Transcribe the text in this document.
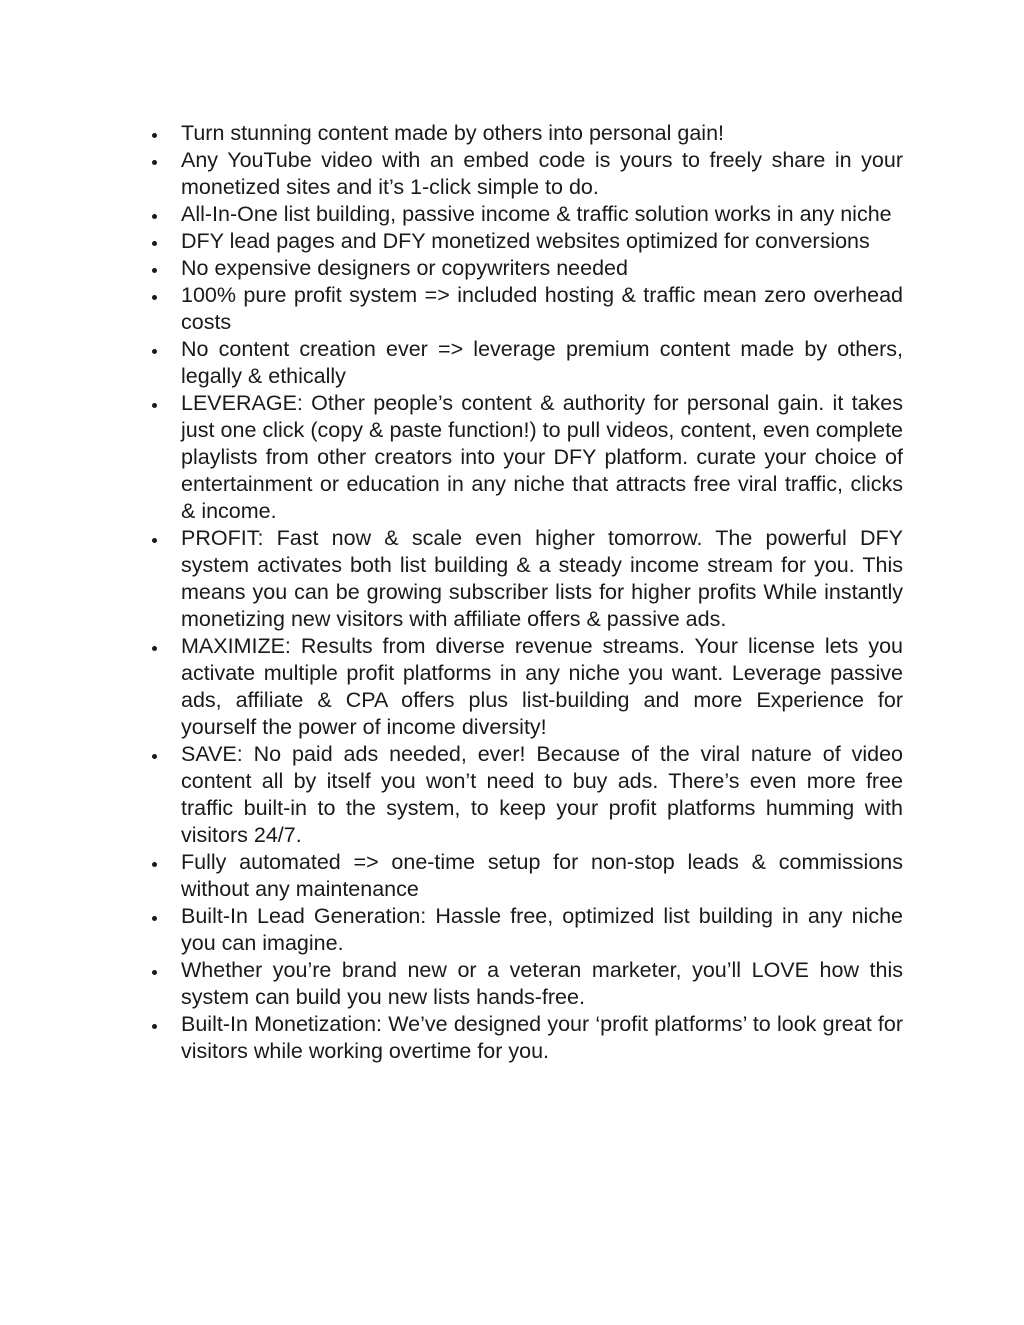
Turn stunning content made by others into personal gain!
Any YouTube video with an embed code is yours to freely share in your monetized sites and it’s 1-click simple to do.
All-In-One list building, passive income & traffic solution works in any niche
DFY lead pages and DFY monetized websites optimized for conversions
No expensive designers or copywriters needed
100% pure profit system => included hosting & traffic mean zero overhead costs
No content creation ever => leverage premium content made by others, legally & ethically
LEVERAGE: Other people’s content & authority for personal gain. it takes just one click (copy & paste function!) to pull videos, content, even complete playlists from other creators into your DFY platform. curate your choice of entertainment or education in any niche that attracts free viral traffic, clicks & income.
PROFIT: Fast now & scale even higher tomorrow. The powerful DFY system activates both list building & a steady income stream for you. This means you can be growing subscriber lists for higher profits While instantly monetizing new visitors with affiliate offers & passive ads.
MAXIMIZE: Results from diverse revenue streams. Your license lets you activate multiple profit platforms in any niche you want. Leverage passive ads, affiliate & CPA offers plus list-building and more Experience for yourself the power of income diversity!
SAVE: No paid ads needed, ever! Because of the viral nature of video content all by itself you won’t need to buy ads. There’s even more free traffic built-in to the system, to keep your profit platforms humming with visitors 24/7.
Fully automated => one-time setup for non-stop leads & commissions without any maintenance
Built-In Lead Generation: Hassle free, optimized list building in any niche you can imagine.
Whether you’re brand new or a veteran marketer, you’ll LOVE how this system can build you new lists hands-free.
Built-In Monetization: We’ve designed your ‘profit platforms’ to look great for visitors while working overtime for you.
